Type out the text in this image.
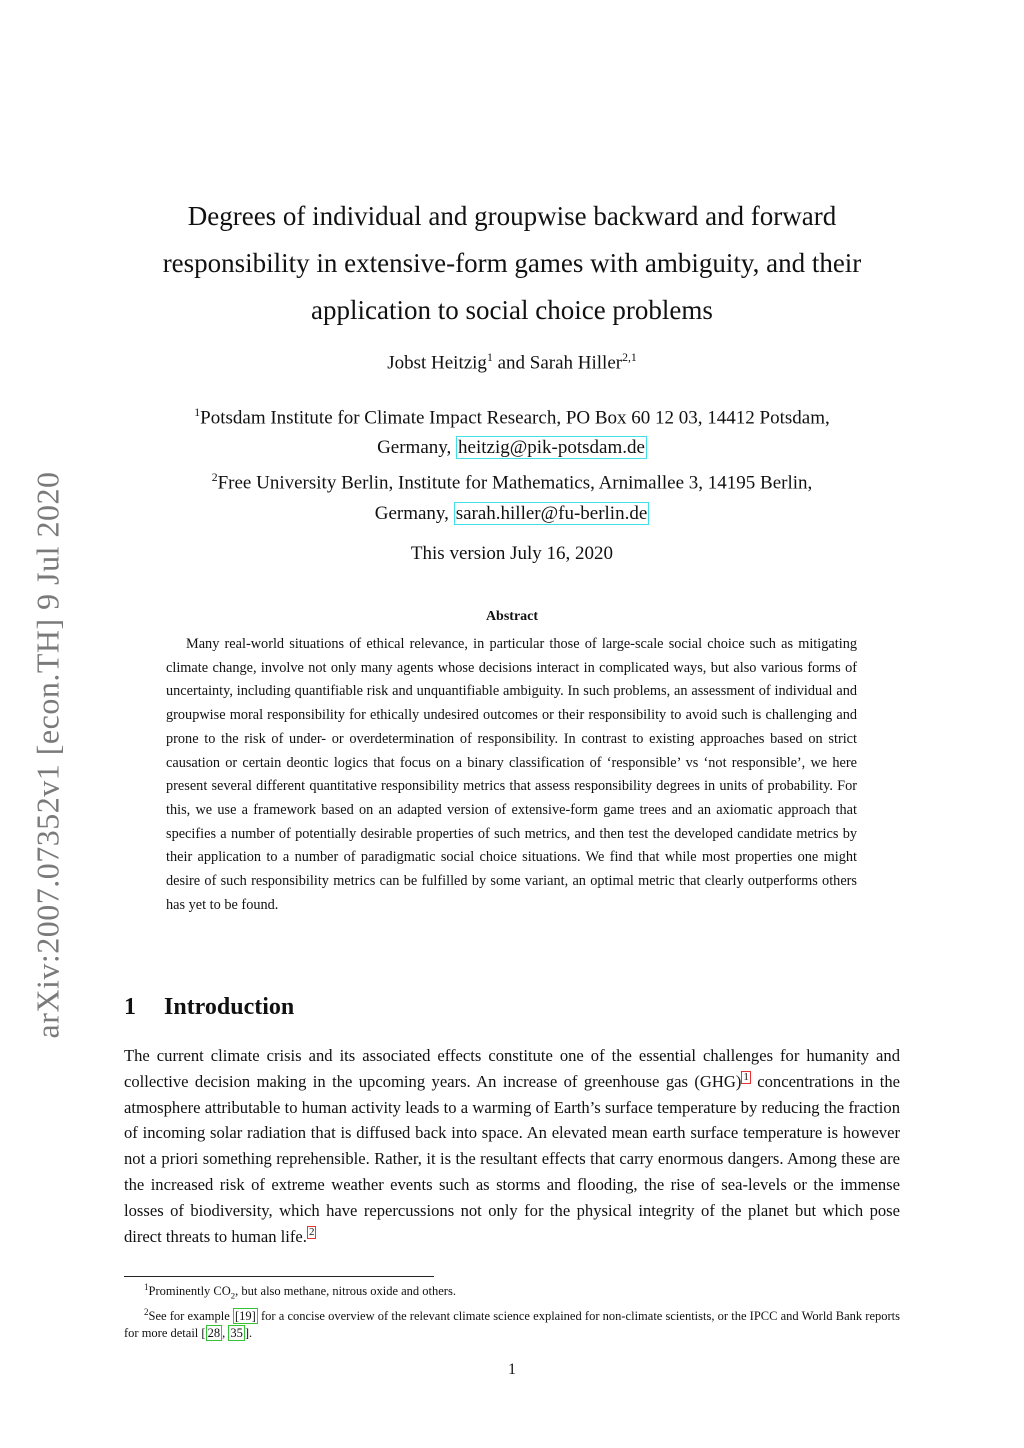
arXiv:2007.07352v1 [econ.TH] 9 Jul 2020
Degrees of individual and groupwise backward and forward
responsibility in extensive-form games with ambiguity, and their
application to social choice problems
Jobst Heitzig$^1$ and Sarah Hiller$^{2,1}$
$^1$Potsdam Institute for Climate Impact Research, PO Box 60 12 03, 14412 Potsdam,
Germany, heitzig@pik-potsdam.de
$^2$Free University Berlin, Institute for Mathematics, Arnimallee 3, 14195 Berlin,
Germany, sarah.hiller@fu-berlin.de
This version July 16, 2020
Abstract

Many real-world situations of ethical relevance, in particular those of large-scale social choice such as mitigating climate change, involve not only many agents whose decisions interact in complicated ways, but also various forms of uncertainty, including quantifiable risk and unquantifiable ambiguity. In such problems, an assessment of individual and groupwise moral responsibility for ethically undesired outcomes or their responsibility to avoid such is challenging and prone to the risk of under- or overdetermination of responsibility. In contrast to existing approaches based on strict causation or certain deontic logics that focus on a binary classification of ‘responsible’ vs ‘not responsible’, we here present several different quantitative responsibility metrics that assess responsibility degrees in units of probability. For this, we use a framework based on an adapted version of extensive-form game trees and an axiomatic approach that specifies a number of potentially desirable properties of such metrics, and then test the developed candidate metrics by their application to a number of paradigmatic social choice situations. We find that while most properties one might desire of such responsibility metrics can be fulfilled by some variant, an optimal metric that clearly outperforms others has yet to be found.

1 Introduction

The current climate crisis and its associated effects constitute one of the essential challenges for humanity and collective decision making in the upcoming years. An increase of greenhouse gas (GHG) 1 concentrations in the atmosphere attributable to human activity leads to a warming of Earth’s surface temperature by reducing the fraction of incoming solar radiation that is diffused back into space. An elevated mean earth surface temperature is however not a priori something reprehensible. Rather, it is the resultant effects that carry enormous dangers. Among these are the increased risk of extreme weather events such as storms and flooding, the rise of sea-levels or the immense losses of biodiversity, which have repercussions not only for the physical integrity of the planet but which pose direct threats to human life. 2

$^1$Prominently $CO_2$, but also methane, nitrous oxide and others.

$^2$See for example [19] for a concise overview of the relevant climate science explained for non-climate scientists, or the IPCC and World Bank reports for more detail [ 28 , 35 ].

1
